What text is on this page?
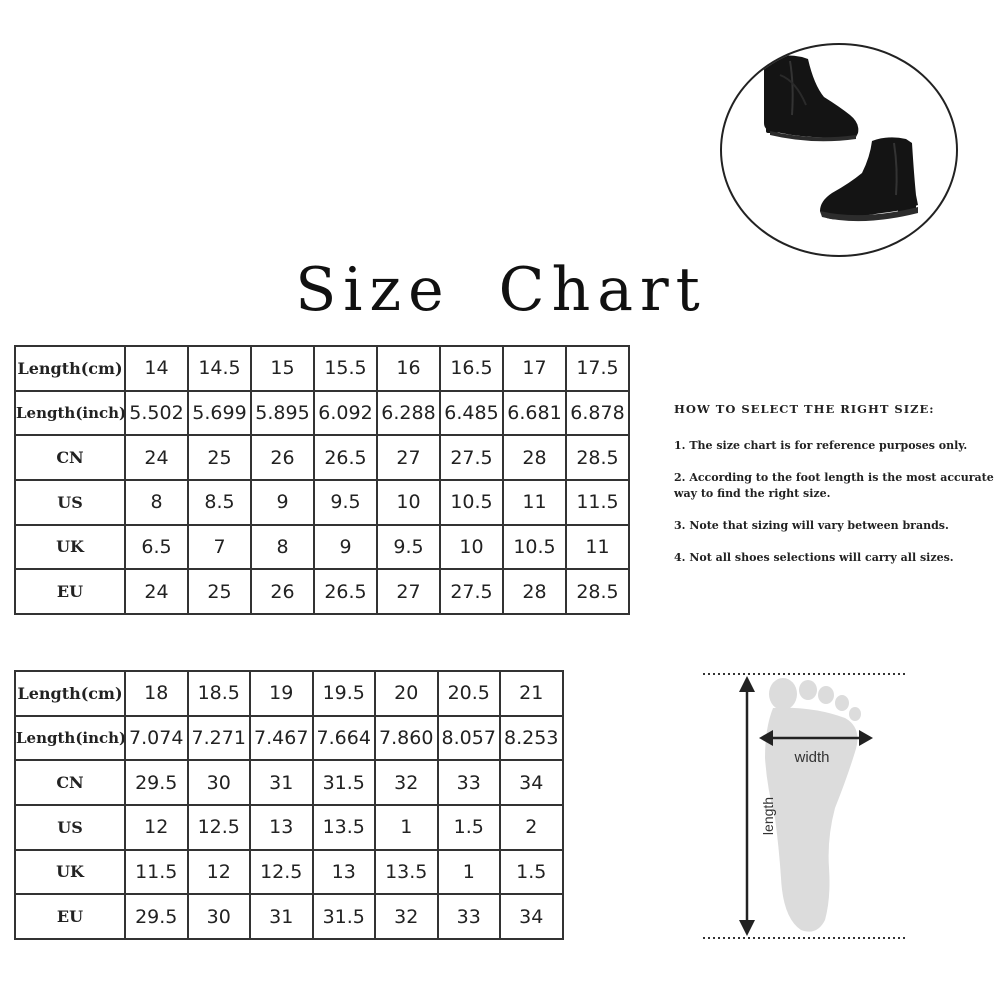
Size Chart
Length(cm)	14	14.5	15	15.5	16	16.5	17	17.5
Length(inch)	5.502	5.699	5.895	6.092	6.288	6.485	6.681	6.878
CN	24	25	26	26.5	27	27.5	28	28.5
US	8	8.5	9	9.5	10	10.5	11	11.5
UK	6.5	7	8	9	9.5	10	10.5	11
EU	24	25	26	26.5	27	27.5	28	28.5
Length(cm)	18	18.5	19	19.5	20	20.5	21
Length(inch)	7.074	7.271	7.467	7.664	7.860	8.057	8.253
CN	29.5	30	31	31.5	32	33	34
US	12	12.5	13	13.5	1	1.5	2
UK	11.5	12	12.5	13	13.5	1	1.5
EU	29.5	30	31	31.5	32	33	34
HOW TO SELECT THE RIGHT SIZE:
1. The size chart is for reference purposes only.
2. According to the foot length is the most accurate way to find the right size.
3. Note that sizing will vary between brands.
4. Not all shoes selections will carry all sizes.
width
length
